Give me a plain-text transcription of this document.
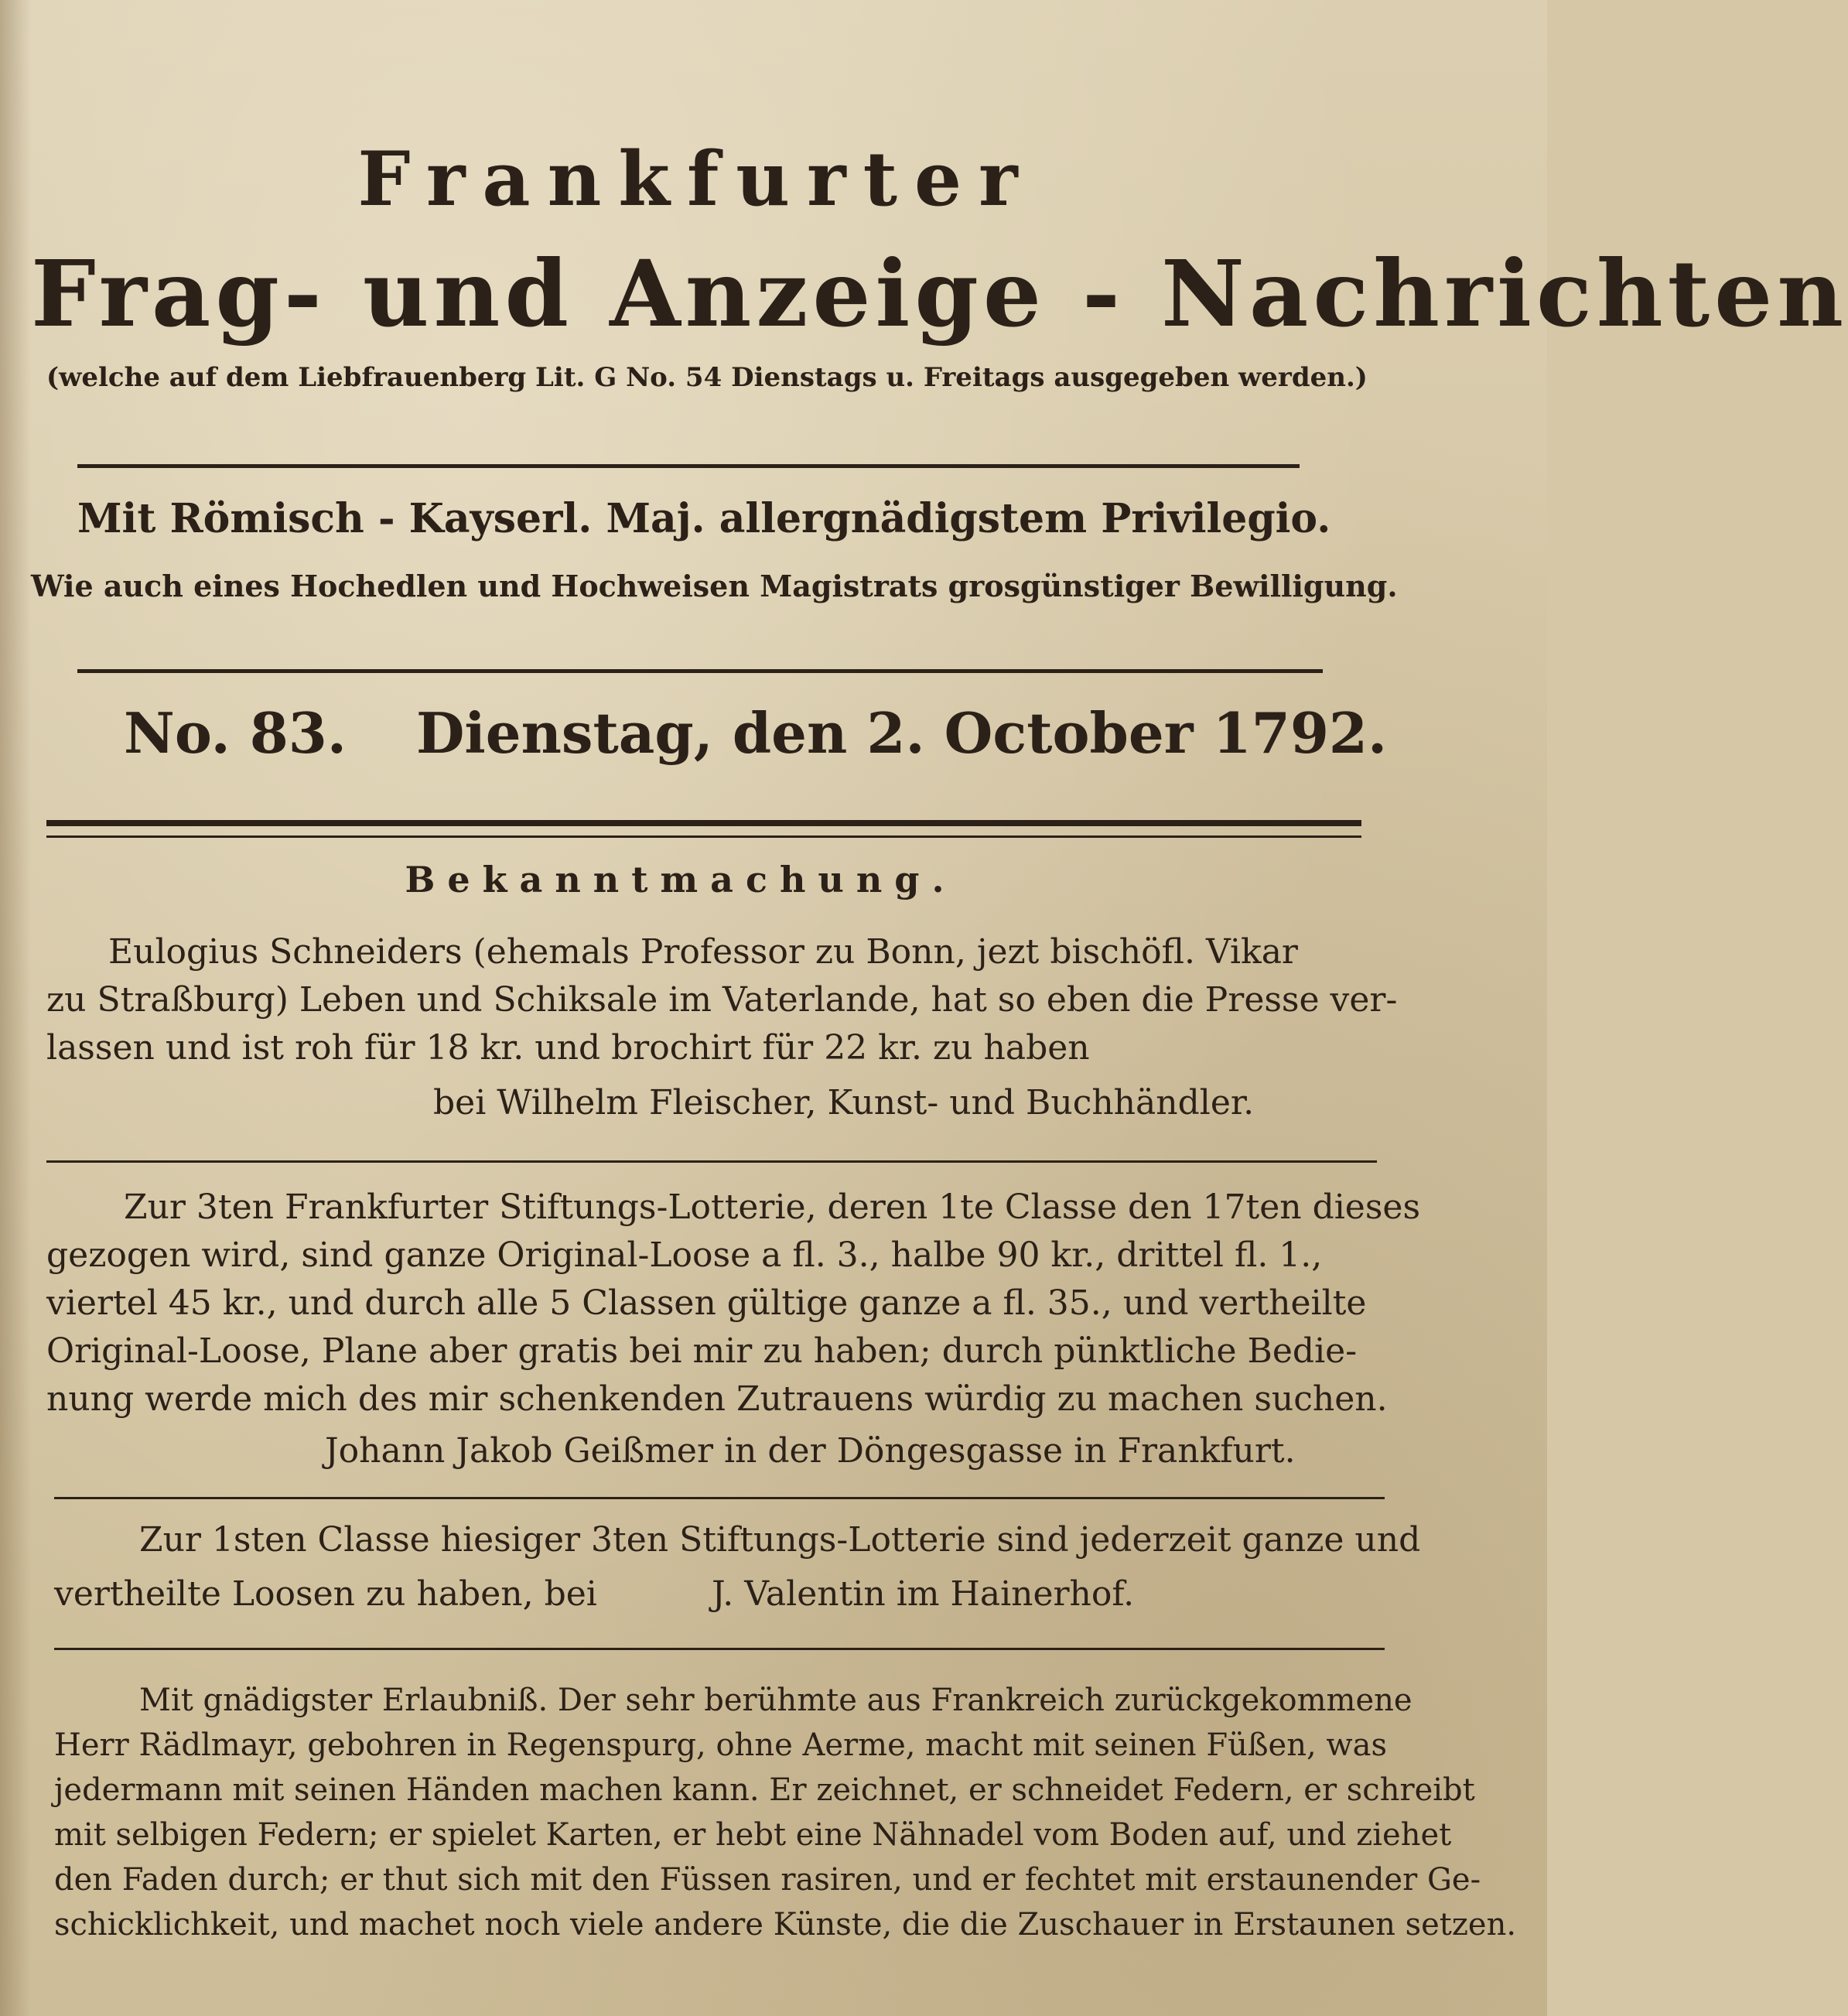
Frankfurter
Frag- und Anzeige - Nachrichten
(welche auf dem Liebfrauenberg Lit. G No. 54 Dienstags u. Freitags ausgegeben werden.)
Mit Römisch - Kayserl. Maj. allergnädigstem Privilegio.
Wie auch eines Hochedlen und Hochweisen Magistrats grosgünstiger Bewilligung.
No. 83. Dienstag, den 2. October 1792.
Bekanntmachung.
Eulogius Schneiders (ehemals Professor zu Bonn, jezt bischöfl. Vikar
zu Straßburg) Leben und Schiksale im Vaterlande, hat so eben die Presse ver-
lassen und ist roh für 18 kr. und brochirt für 22 kr. zu haben
bei Wilhelm Fleischer, Kunst- und Buchhändler.
Zur 3ten Frankfurter Stiftungs-Lotterie, deren 1te Classe den 17ten dieses
gezogen wird, sind ganze Original-Loose a fl. 3., halbe 90 kr., drittel fl. 1.,
viertel 45 kr., und durch alle 5 Classen gültige ganze a fl. 35., und vertheilte
Original-Loose, Plane aber gratis bei mir zu haben; durch pünktliche Bedie-
nung werde mich des mir schenkenden Zutrauens würdig zu machen suchen.
Johann Jakob Geißmer in der Döngesgasse in Frankfurt.
Zur 1sten Classe hiesiger 3ten Stiftungs-Lotterie sind jederzeit ganze und
vertheilte Loosen zu haben, bei	J. Valentin im Hainerhof.
Mit gnädigster Erlaubniß. Der sehr berühmte aus Frankreich zurückgekommene
Herr Rädlmayr, gebohren in Regenspurg, ohne Aerme, macht mit seinen Füßen, was
jedermann mit seinen Händen machen kann. Er zeichnet, er schneidet Federn, er schreibt
mit selbigen Federn; er spielet Karten, er hebt eine Nähnadel vom Boden auf, und ziehet
den Faden durch; er thut sich mit den Füssen rasiren, und er fechtet mit erstaunender Ge-
schicklichkeit, und machet noch viele andere Künste, die die Zuschauer in Erstaunen setzen.
